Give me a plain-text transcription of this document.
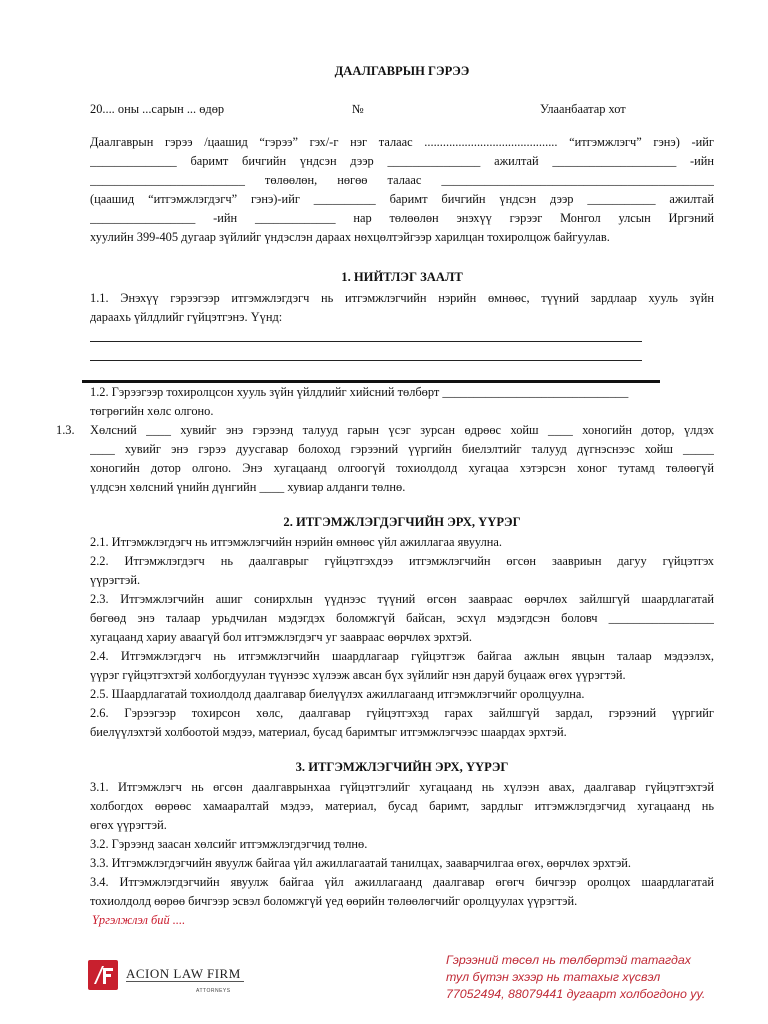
ДААЛГАВРЫН ГЭРЭЭ
20.... оны ...сарын ... өдөр	№	Улаанбаатар хот
Даалгаврын гэрээ /цаашид “гэрээ” гэх/-г нэг талаас ........................................... “итгэмжлэгч” гэнэ) -ийг
______________ баримт бичгийн үндсэн дээр _______________ ажилтай ____________________ -ийн
_________________________ төлөөлөн, нөгөө талаас ____________________________________________
(цаашид “итгэмжлэгдэгч” гэнэ)-ийг __________ баримт бичгийн үндсэн дээр ___________ ажилтай
_________________ -ийн _____________ нар төлөөлөн энэхүү гэрээг Монгол улсын Иргэний
хуулийн 399-405 дугаар зүйлийг үндэслэн дараах нөхцөлтэйгээр харилцан тохиролцож байгуулав.
1. НИЙТЛЭГ ЗААЛТ
1.1. Энэхүү гэрээгээр итгэмжлэгдэгч нь итгэмжлэгчийн нэрийн өмнөөс, түүний зардлаар хууль зүйн
дараахь үйлдлийг гүйцэтгэнэ. Үүнд:
1.2. Гэрээгээр тохиролцсон хууль зүйн үйлдлийг хийсний төлбөрт ______________________________
төгрөгийн хөлс олгоно.
1.3. Хөлсний ____ хувийг энэ гэрээнд талууд гарын үсэг зурсан өдрөөс хойш ____ хоногийн дотор, үлдэх
____ хувийг энэ гэрээ дуусгавар болоход гэрээний үүргийн биелэлтийг талууд дүгнэснээс хойш _____
хоногийн дотор олгоно. Энэ хугацаанд олгоогүй тохиолдолд хугацаа хэтэрсэн хоног тутамд төлөөгүй
үлдсэн хөлсний үнийн дүнгийн ____ хувиар алданги төлнө.
2. ИТГЭМЖЛЭГДЭГЧИЙН ЭРХ, ҮҮРЭГ
2.1. Итгэмжлэгдэгч нь итгэмжлэгчийн нэрийн өмнөөс үйл ажиллагаа явуулна.
2.2. Итгэмжлэгдэгч нь даалгаврыг гүйцэтгэхдээ итгэмжлэгчийн өгсөн заавриын дагуу гүйцэтгэх
үүрэгтэй.
2.3. Итгэмжлэгчийн ашиг сонирхлын үүднээс түүний өгсөн заавраас өөрчлөх зайлшгүй шаардлагатай
бөгөөд энэ талаар урьдчилан мэдэгдэх боломжгүй байсан, эсхүл мэдэгдсэн боловч _________________
хугацаанд хариу аваагүй бол итгэмжлэгдэгч уг заавраас өөрчлөх эрхтэй.
2.4. Итгэмжлэгдэгч нь итгэмжлэгчийн шаардлагаар гүйцэтгэж байгаа ажлын явцын талаар мэдээлэх,
үүрэг гүйцэтгэхтэй холбогдуулан түүнээс хүлээж авсан бүх зүйлийг нэн даруй буцааж өгөх үүрэгтэй.
2.5. Шаардлагатай тохиолдолд даалгавар биелүүлэх ажиллагаанд итгэмжлэгчийг оролцуулна.
2.6. Гэрээгээр тохирсон хөлс, даалгавар гүйцэтгэхэд гарах зайлшгүй зардал, гэрээний үүргийг
биелүүлэхтэй холбоотой мэдээ, материал, бусад баримтыг итгэмжлэгчээс шаардах эрхтэй.
3. ИТГЭМЖЛЭГЧИЙН ЭРХ, ҮҮРЭГ
3.1. Итгэмжлэгч нь өгсөн даалгаврынхаа гүйцэтгэлийг хугацаанд нь хүлээн авах, даалгавар гүйцэтгэхтэй
холбогдох өөрөөс хамааралтай мэдээ, материал, бусад баримт, зардлыг итгэмжлэгдэгчид хугацаанд нь
өгөх үүрэгтэй.
3.2. Гэрээнд заасан хөлсийг итгэмжлэгдэгчид төлнө.
3.3. Итгэмжлэгдэгчийн явуулж байгаа үйл ажиллагаатай танилцах, зааварчилгаа өгөх, өөрчлөх эрхтэй.
3.4. Итгэмжлэгдэгчийн явуулж байгаа үйл ажиллагаанд даалгавар өгөгч бичгээр оролцох шаардлагатай
тохиолдолд өөрөө бичгээр эсвэл боломжгүй үед өөрийн төлөөлөгчийг оролцуулах үүрэгтэй.
Үргэлжлэл бий ....
ACION LAW FIRM
ATTORNEYS
Гэрээний төсөл нь төлбөртэй татагдах
тул бүтэн эхээр нь татахыг хүсвэл
77052494, 88079441 дугаарт холбогдоно уу.
